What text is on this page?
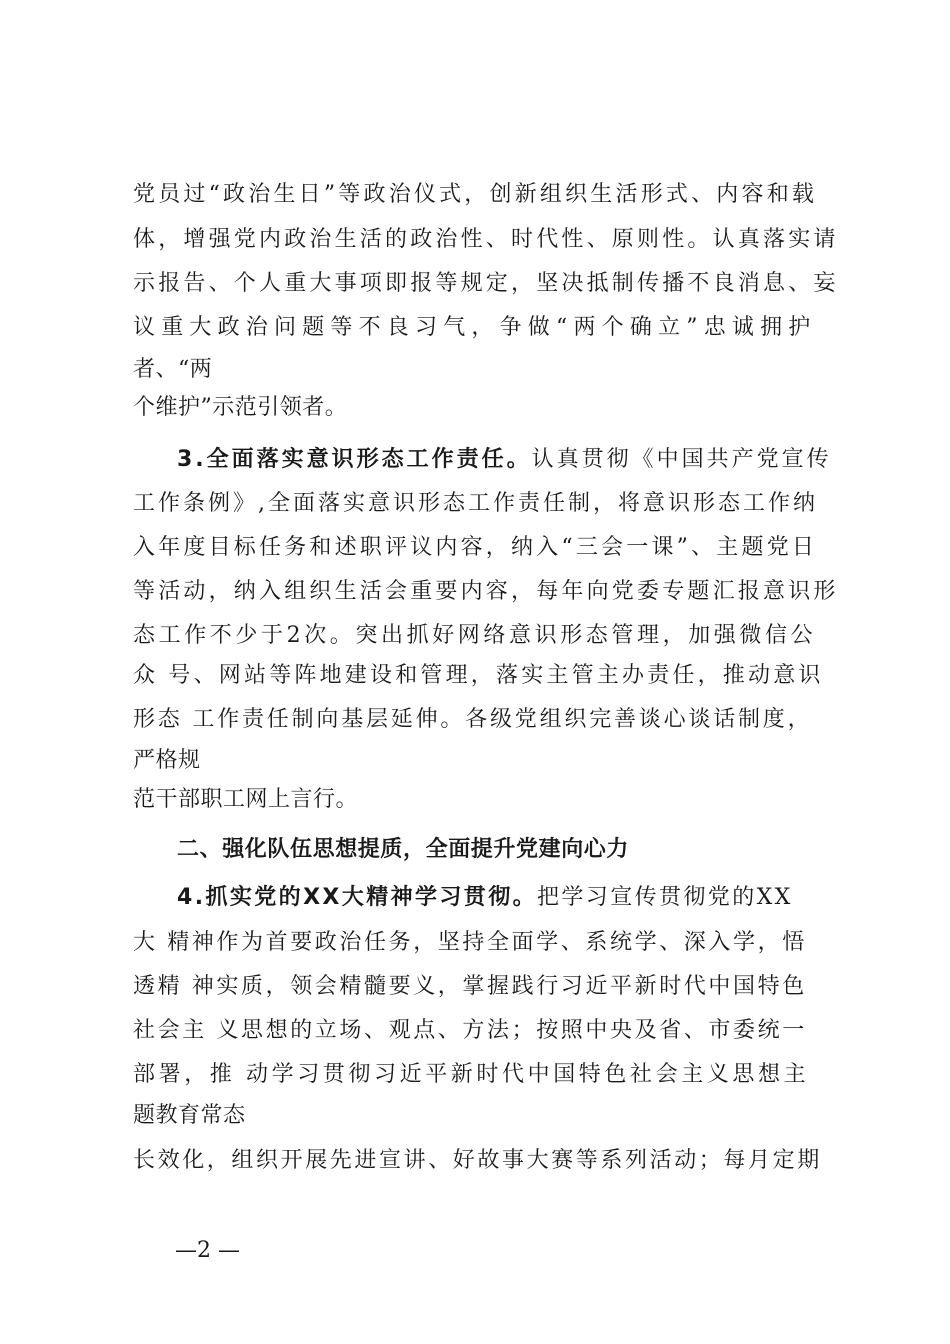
党员过“政治生日”等政治仪式，创新组织生活形式、内容和载
体，增强党内政治生活的政治性、时代性、原则性。认真落实请
示报告、个人重大事项即报等规定，坚决抵制传播不良消息、妄
议重大政治问题等不良习气，争做“两个确立”忠诚拥护
者、“两
个维护”示范引领者。
3.全面落实意识形态工作责任。认真贯彻《中国共产党宣传
工作条例》,全面落实意识形态工作责任制，将意识形态工作纳
入年度目标任务和述职评议内容，纳入“三会一课”、主题党日
等活动，纳入组织生活会重要内容，每年向党委专题汇报意识形
态工作不少于2次。突出抓好网络意识形态管理，加强微信公
众 号、网站等阵地建设和管理，落实主管主办责任，推动意识
形态 工作责任制向基层延伸。各级党组织完善谈心谈话制度，
严格规
范干部职工网上言行。
二、强化队伍思想提质，全面提升党建向心力
4.抓实党的XX大精神学习贯彻。把学习宣传贯彻党的XX
大 精神作为首要政治任务，坚持全面学、系统学、深入学，悟
透精 神实质，领会精髓要义，掌握践行习近平新时代中国特色
社会主 义思想的立场、观点、方法；按照中央及省、市委统一
部署，推 动学习贯彻习近平新时代中国特色社会主义思想主
题教育常态
长效化，组织开展先进宣讲、好故事大赛等系列活动；每月定期
—2 —
